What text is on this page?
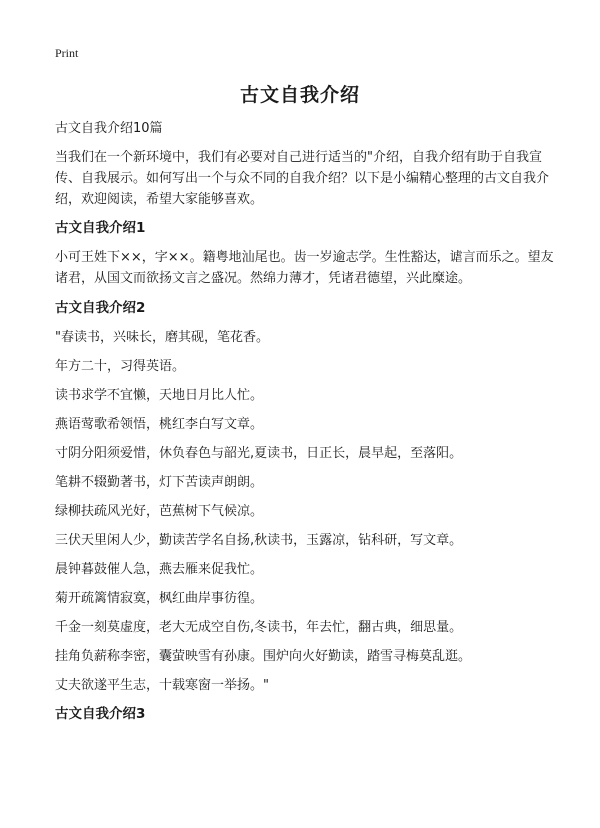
Print
古文自我介绍

古文自我介绍10篇

当我们在一个新环境中，我们有必要对自己进行适当的"介绍，自我介绍有助于自我宣传、自我展示。如何写出一个与众不同的自我介绍？以下是小编精心整理的古文自我介绍，欢迎阅读，希望大家能够喜欢。

古文自我介绍1

小可王姓下××，字××。籍粤地汕尾也。齿一岁逾志学。生性豁达，谑言而乐之。望友诸君，从国文而欲扬文言之盛况。然绵力薄才，凭诸君德望，兴此糜途。

古文自我介绍2

"春读书，兴味长，磨其砚，笔花香。

年方二十，习得英语。

读书求学不宜懒，天地日月比人忙。

燕语莺歌希领悟，桃红李白写文章。

寸阴分阳须爱惜，休负春色与韶光,夏读书，日正长，晨早起，至落阳。

笔耕不辍勤著书，灯下苦读声朗朗。

绿柳扶疏风光好，芭蕉树下气候凉。

三伏天里闲人少，勤读苦学名自扬,秋读书，玉露凉，钻科研，写文章。

晨钟暮鼓催人急，燕去雁来促我忙。

菊开疏篱情寂寞，枫红曲岸事彷徨。

千金一刻莫虚度，老大无成空自伤,冬读书，年去忙，翻古典，细思量。

挂角负薪称李密，囊萤映雪有孙康。围炉向火好勤读，踏雪寻梅莫乱逛。

丈夫欲遂平生志，十载寒窗一举扬。"

古文自我介绍3
